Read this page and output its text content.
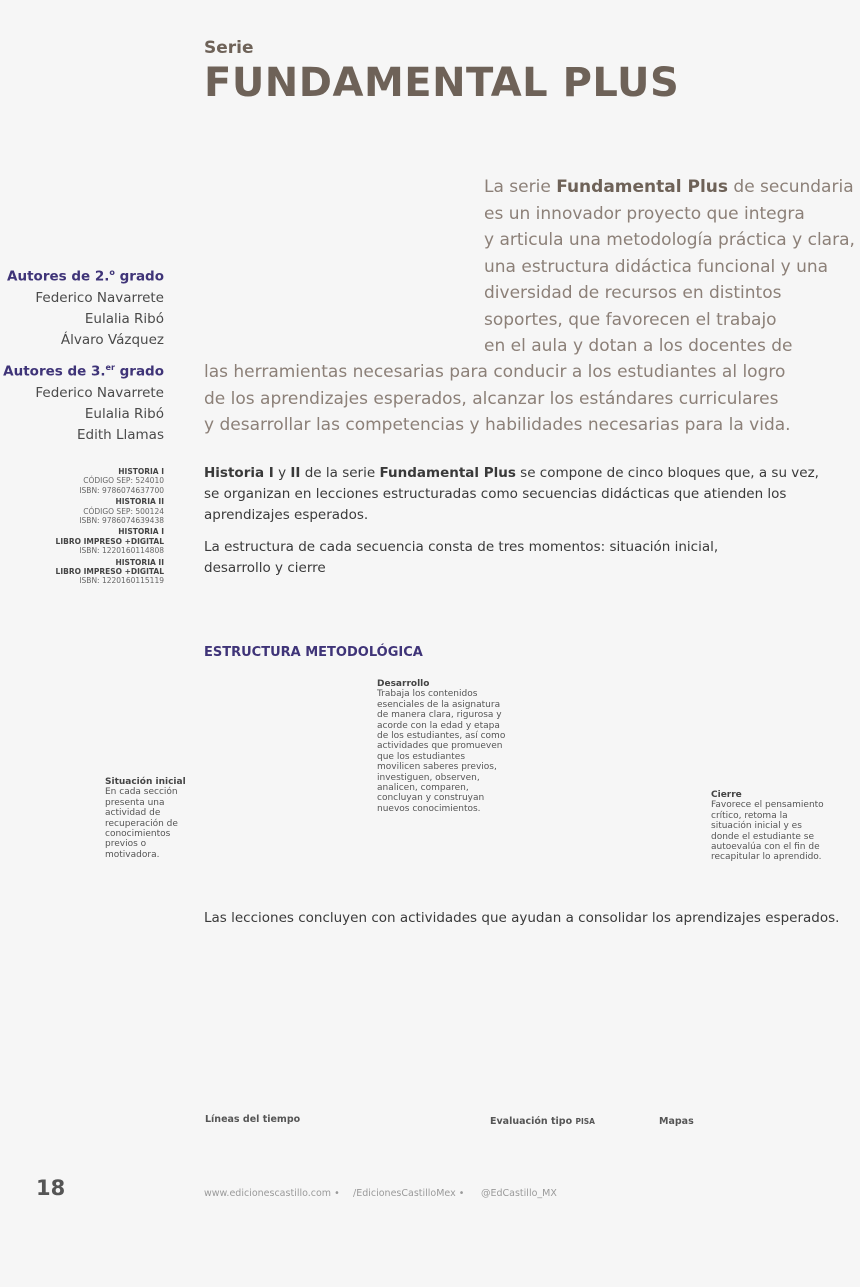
Serie
FUNDAMENTAL PLUS
La serie Fundamental Plus de secundaria
es un innovador proyecto que integra
y articula una metodología práctica y clara,
una estructura didáctica funcional y una
diversidad de recursos en distintos
soportes, que favorecen el trabajo
en el aula y dotan a los docentes de
las herramientas necesarias para conducir a los estudiantes al logro
de los aprendizajes esperados, alcanzar los estándares curriculares
y desarrollar las competencias y habilidades necesarias para la vida.
Autores de 2.$^o$ grado
Federico Navarrete
Eulalia Ribó
Álvaro Vázquez
Autores de 3.$^{er}$ grado
Federico Navarrete
Eulalia Ribó
Edith Llamas
HISTORIA I
CÓDIGO SEP: 524010
ISBN: 9786074637700
HISTORIA II
CÓDIGO SEP: 500124
ISBN: 9786074639438
HISTORIA I
LIBRO IMPRESO +DIGITAL
ISBN: 1220160114808
HISTORIA II
LIBRO IMPRESO +DIGITAL
ISBN: 1220160115119
Historia I y II de la serie Fundamental Plus se compone de cinco bloques que, a su vez,
se organizan en lecciones estructuradas como secuencias didácticas que atienden los
aprendizajes esperados.
La estructura de cada secuencia consta de tres momentos: situación inicial,
desarrollo y cierre
ESTRUCTURA METODOLÓGICA
Situación inicial
En cada sección
presenta una
actividad de
recuperación de
conocimientos
previos o
motivadora.
Desarrollo
Trabaja los contenidos
esenciales de la asignatura
de manera clara, rigurosa y
acorde con la edad y etapa
de los estudiantes, así como
actividades que promueven
que los estudiantes
movilicen saberes previos,
investiguen, observen,
analicen, comparen,
concluyan y construyan
nuevos conocimientos.
Cierre
Favorece el pensamiento
crítico, retoma la
situación inicial y es
donde el estudiante se
autoevalúa con el fin de
recapitular lo aprendido.
Las lecciones concluyen con actividades que ayudan a consolidar los aprendizajes esperados.
Líneas del tiempo	Evaluación tipo PISA	Mapas
18	www.edicionescastillo.com • /EdicionesCastilloMex • @EdCastillo_MX
